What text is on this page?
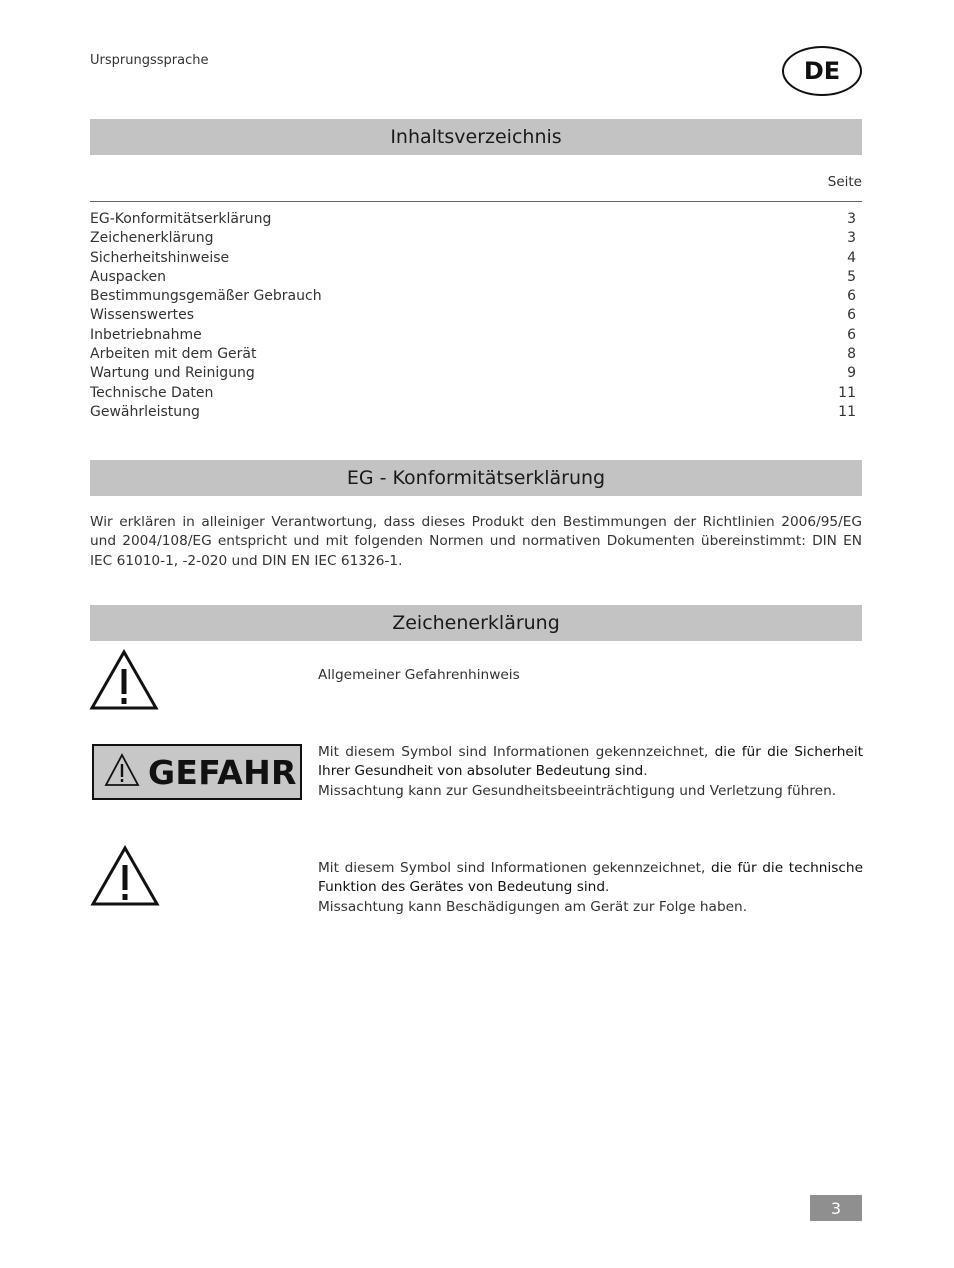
Ursprungssprache	DE
Inhaltsverzeichnis
Seite
EG-Konformitätserklärung	3
Zeichenerklärung	3
Sicherheitshinweise	4
Auspacken	5
Bestimmungsgemäßer Gebrauch	6
Wissenswertes	6
Inbetriebnahme	6
Arbeiten mit dem Gerät	8
Wartung und Reinigung	9
Technische Daten	11
Gewährleistung	11
EG - Konformitätserklärung
Wir erklären in alleiniger Verantwortung, dass dieses Produkt den Bestimmungen der Richtlinien 2006/95/EG und 2004/108/EG entspricht und mit folgenden Normen und normativen Dokumenten übereinstimmt: DIN EN IEC 61010-1, -2-020 und DIN EN IEC 61326-1.
Zeichenerklärung
Allgemeiner Gefahrenhinweis
GEFAHR
Mit diesem Symbol sind Informationen gekennzeichnet, die für die Sicherheit Ihrer Gesundheit von absoluter Bedeutung sind.
Missachtung kann zur Gesundheitsbeeinträchtigung und Verletzung führen.
Mit diesem Symbol sind Informationen gekennzeichnet, die für die technische Funktion des Gerätes von Bedeutung sind.
Missachtung kann Beschädigungen am Gerät zur Folge haben.
3
